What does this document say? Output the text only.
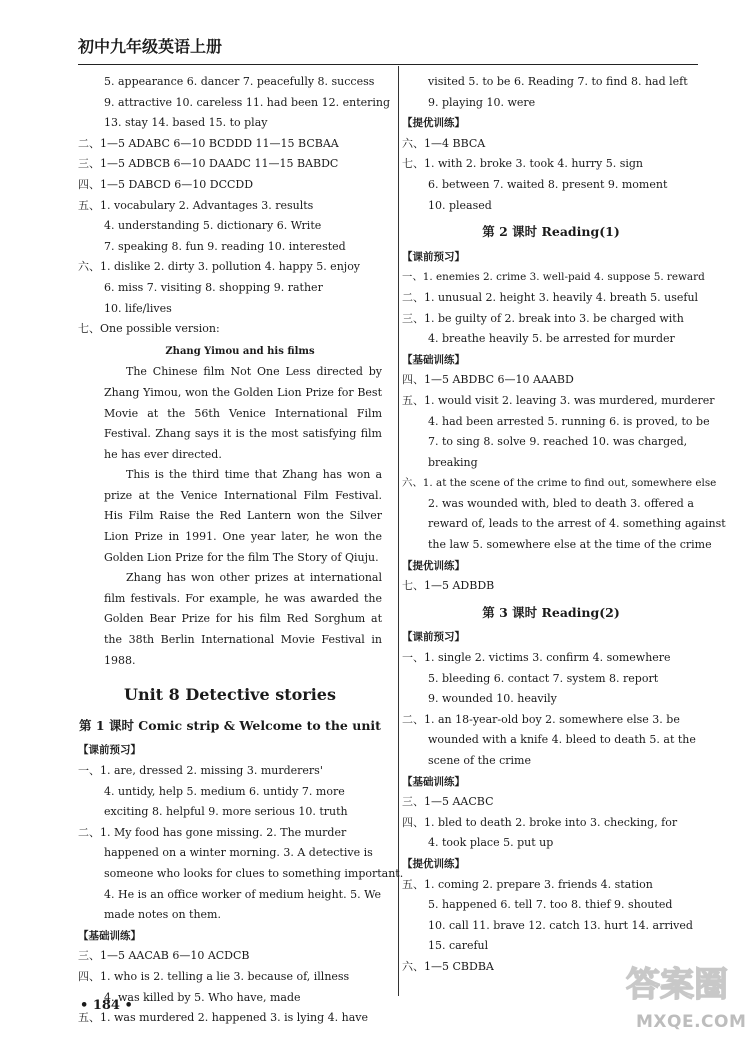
初中九年级英语上册
5. appearance 6. dancer 7. peacefully 8. success
9. attractive 10. careless 11. had been 12. entering
13. stay 14. based 15. to play
二、1—5 ADABC 6—10 BCDDD 11—15 BCBAA
三、1—5 ADBCB 6—10 DAADC 11—15 BABDC
四、1—5 DABCD 6—10 DCCDD
五、1. vocabulary 2. Advantages 3. results
4. understanding 5. dictionary 6. Write
7. speaking 8. fun 9. reading 10. interested
六、1. dislike 2. dirty 3. pollution 4. happy 5. enjoy
6. miss 7. visiting 8. shopping 9. rather
10. life/lives
七、One possible version:
Zhang Yimou and his films

The Chinese film Not One Less directed by Zhang Yimou, won the Golden Lion Prize for Best Movie at the 56th Venice International Film Festival. Zhang says it is the most satisfying film he has ever directed.

This is the third time that Zhang has won a prize at the Venice International Film Festival. His Film Raise the Red Lantern won the Silver Lion Prize in 1991. One year later, he won the Golden Lion Prize for the film The Story of Qiuju.

Zhang has won other prizes at international film festivals. For example, he was awarded the Golden Bear Prize for his film Red Sorghum at the 38th Berlin International Movie Festival in 1988.

Unit 8 Detective stories
第 1 课时 Comic strip & Welcome to the unit
【课前预习】
一、1. are, dressed 2. missing 3. murderers'
4. untidy, help 5. medium 6. untidy 7. more
exciting 8. helpful 9. more serious 10. truth
二、1. My food has gone missing. 2. The murder
happened on a winter morning. 3. A detective is
someone who looks for clues to something important.
4. He is an office worker of medium height. 5. We
made notes on them.
【基础训练】
三、1—5 AACAB 6—10 ACDCB
四、1. who is 2. telling a lie 3. because of, illness
4. was killed by 5. Who have, made
五、1. was murdered 2. happened 3. is lying 4. have
visited 5. to be 6. Reading 7. to find 8. had left
9. playing 10. were
【提优训练】
六、1—4 BBCA
七、1. with 2. broke 3. took 4. hurry 5. sign
6. between 7. waited 8. present 9. moment
10. pleased
第 2 课时 Reading(1)
【课前预习】
一、1. enemies 2. crime 3. well-paid 4. suppose 5. reward
二、1. unusual 2. height 3. heavily 4. breath 5. useful
三、1. be guilty of 2. break into 3. be charged with
4. breathe heavily 5. be arrested for murder
【基础训练】
四、1—5 ABDBC 6—10 AAABD
五、1. would visit 2. leaving 3. was murdered, murderer
4. had been arrested 5. running 6. is proved, to be
7. to sing 8. solve 9. reached 10. was charged,
breaking
六、1. at the scene of the crime to find out, somewhere else
2. was wounded with, bled to death 3. offered a
reward of, leads to the arrest of 4. something against
the law 5. somewhere else at the time of the crime
【提优训练】
七、1—5 ADBDB
第 3 课时 Reading(2)
【课前预习】
一、1. single 2. victims 3. confirm 4. somewhere
5. bleeding 6. contact 7. system 8. report
9. wounded 10. heavily
二、1. an 18-year-old boy 2. somewhere else 3. be
wounded with a knife 4. bleed to death 5. at the
scene of the crime
【基础训练】
三、1—5 AACBC
四、1. bled to death 2. broke into 3. checking, for
4. took place 5. put up
【提优训练】
五、1. coming 2. prepare 3. friends 4. station
5. happened 6. tell 7. too 8. thief 9. shouted
10. call 11. brave 12. catch 13. hurt 14. arrived
15. careful
六、1—5 CBDBA
• 184 •
答案圈
MXQE.COM
